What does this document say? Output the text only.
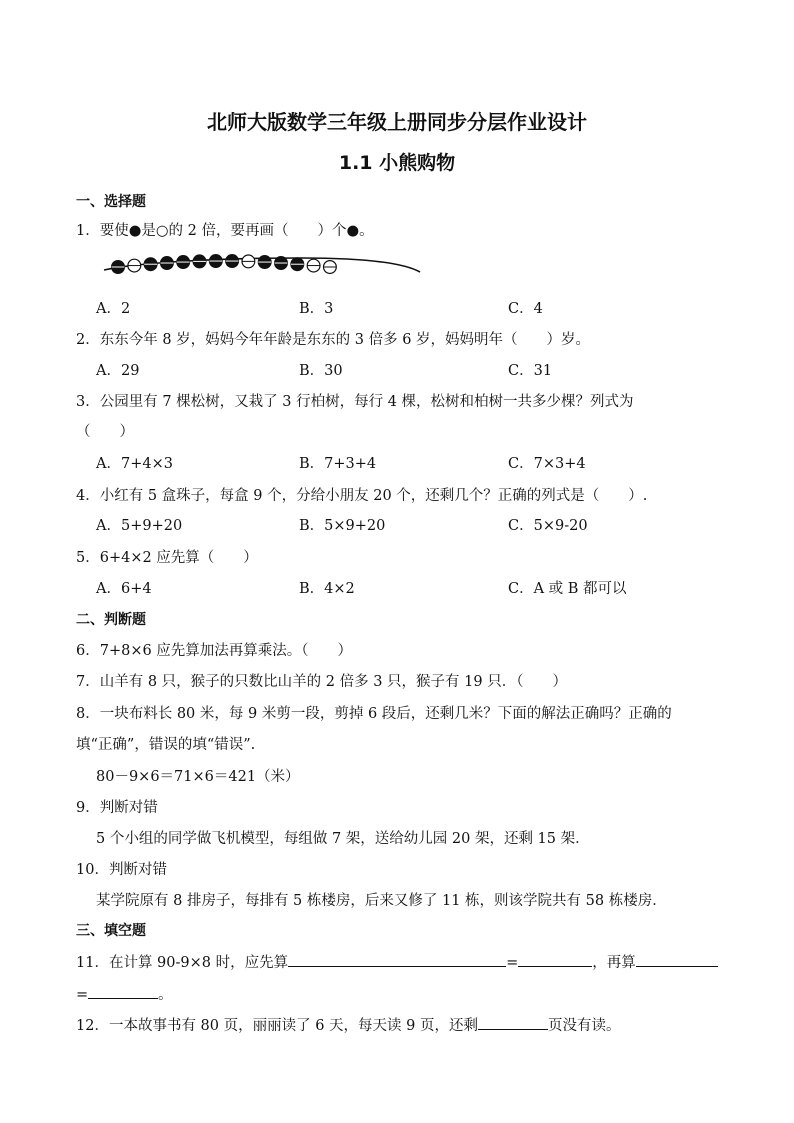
北师大版数学三年级上册同步分层作业设计
1.1 小熊购物
一、选择题
1．要使●是○的 2 倍，要再画（　　）个●。
A．2	B．3	C．4
2．东东今年 8 岁，妈妈今年年龄是东东的 3 倍多 6 岁，妈妈明年（　　）岁。
A．29	B．30	C．31
3．公园里有 7 棵松树，又栽了 3 行柏树，每行 4 棵，松树和柏树一共多少棵？列式为
（　　）
A．7+4×3	B．7+3+4	C．7×3+4
4．小红有 5 盒珠子，每盒 9 个，分给小朋友 20 个，还剩几个？正确的列式是（　　）.
A．5+9+20	B．5×9+20	C．5×9-20
5．6+4×2 应先算（　　）
A．6+4	B．4×2	C．A 或 B 都可以
二、判断题
6．7+8×6 应先算加法再算乘法。（　　）
7．山羊有 8 只，猴子的只数比山羊的 2 倍多 3 只，猴子有 19 只．（　　）
8．一块布料长 80 米，每 9 米剪一段，剪掉 6 段后，还剩几米？下面的解法正确吗？正确的
填“正确”，错误的填“错误”.
80－9×6＝71×6＝421（米）
9．判断对错
5 个小组的同学做飞机模型，每组做 7 架，送给幼儿园 20 架，还剩 15 架．
10．判断对错
某学院原有 8 排房子，每排有 5 栋楼房，后来又修了 11 栋，则该学院共有 58 栋楼房．
三、填空题
11．在计算 90-9×8 时，应先算	=	，再算
=	。
12．一本故事书有 80 页，丽丽读了 6 天，每天读 9 页，还剩	页没有读。
